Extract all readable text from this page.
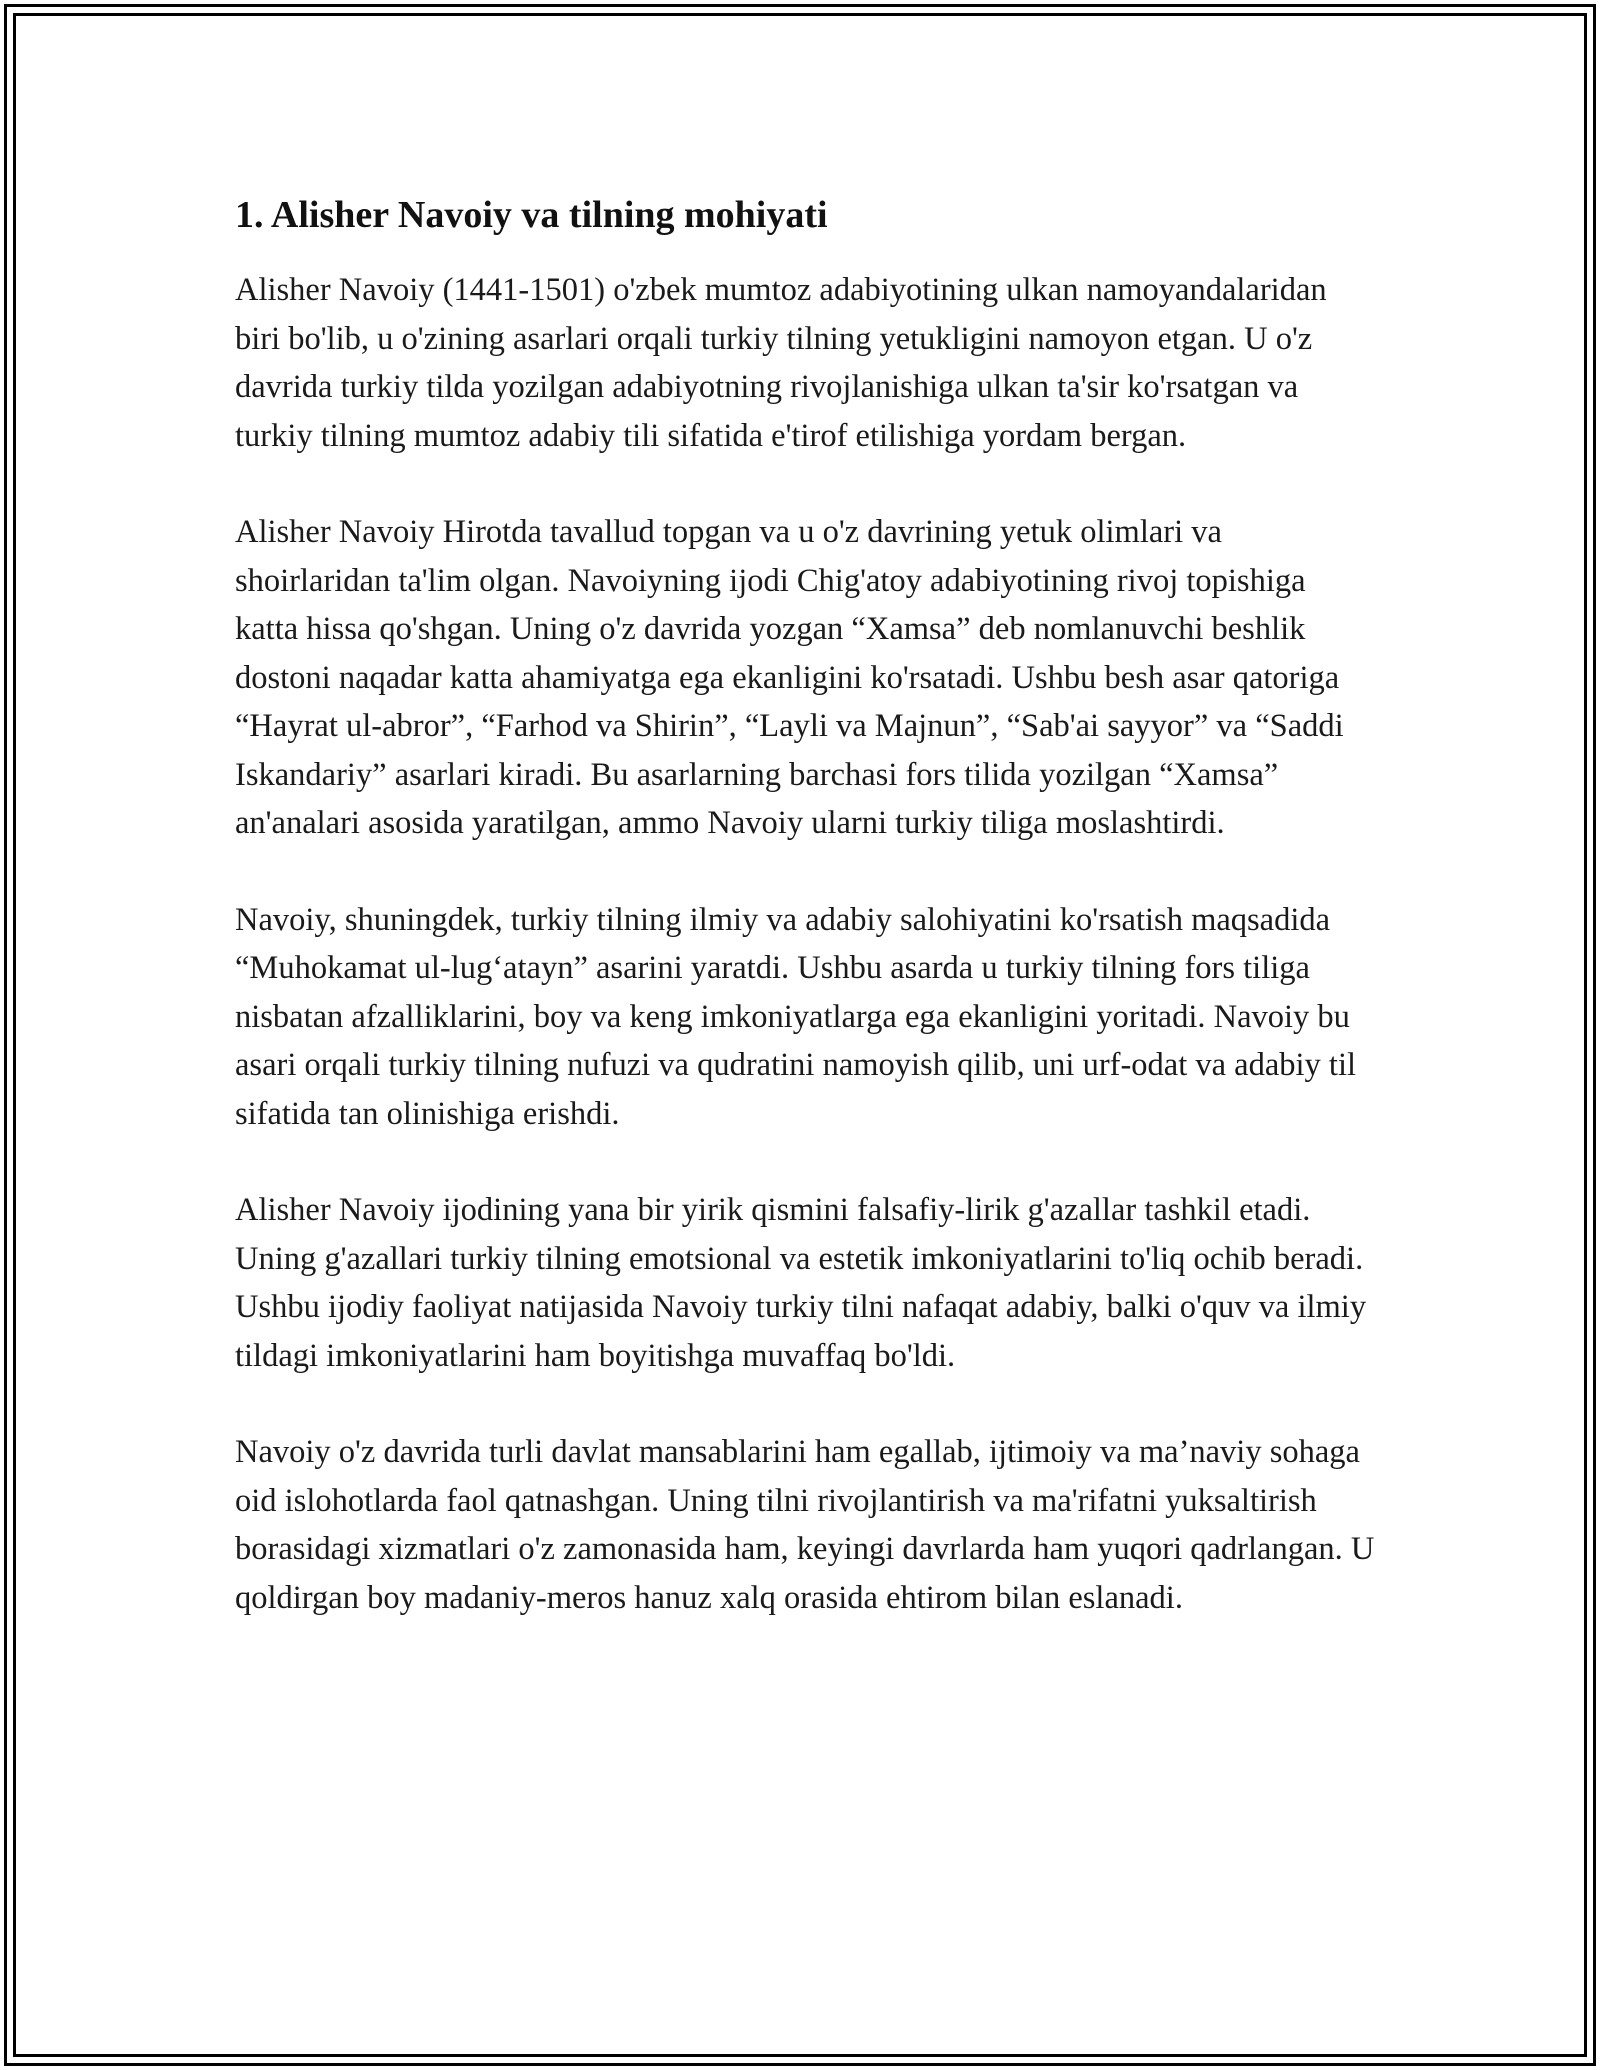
1. Alisher Navoiy va tilning mohiyati

Alisher Navoiy (1441-1501) o'zbek mumtoz adabiyotining ulkan namoyandalaridan biri bo'lib, u o'zining asarlari orqali turkiy tilning yetukligini namoyon etgan. U o'z davrida turkiy tilda yozilgan adabiyotning rivojlanishiga ulkan ta'sir ko'rsatgan va turkiy tilning mumtoz adabiy tili sifatida e'tirof etilishiga yordam bergan.

Alisher Navoiy Hirotda tavallud topgan va u o'z davrining yetuk olimlari va shoirlaridan ta'lim olgan. Navoiyning ijodi Chig'atoy adabiyotining rivoj topishiga katta hissa qo'shgan. Uning o'z davrida yozgan “Xamsa” deb nomlanuvchi beshlik dostoni naqadar katta ahamiyatga ega ekanligini ko'rsatadi. Ushbu besh asar qatoriga “Hayrat ul-abror”, “Farhod va Shirin”, “Layli va Majnun”, “Sab'ai sayyor” va “Saddi Iskandariy” asarlari kiradi. Bu asarlarning barchasi fors tilida yozilgan “Xamsa” an'analari asosida yaratilgan, ammo Navoiy ularni turkiy tiliga moslashtirdi.

Navoiy, shuningdek, turkiy tilning ilmiy va adabiy salohiyatini ko'rsatish maqsadida “Muhokamat ul-lug‘atayn” asarini yaratdi. Ushbu asarda u turkiy tilning fors tiliga nisbatan afzalliklarini, boy va keng imkoniyatlarga ega ekanligini yoritadi. Navoiy bu asari orqali turkiy tilning nufuzi va qudratini namoyish qilib, uni urf-odat va adabiy til sifatida tan olinishiga erishdi.

Alisher Navoiy ijodining yana bir yirik qismini falsafiy-lirik g'azallar tashkil etadi. Uning g'azallari turkiy tilning emotsional va estetik imkoniyatlarini to'liq ochib beradi. Ushbu ijodiy faoliyat natijasida Navoiy turkiy tilni nafaqat adabiy, balki o'quv va ilmiy tildagi imkoniyatlarini ham boyitishga muvaffaq bo'ldi.

Navoiy o'z davrida turli davlat mansablarini ham egallab, ijtimoiy va ma’naviy sohaga oid islohotlarda faol qatnashgan. Uning tilni rivojlantirish va ma'rifatni yuksaltirish borasidagi xizmatlari o'z zamonasida ham, keyingi davrlarda ham yuqori qadrlangan. U qoldirgan boy madaniy-meros hanuz xalq orasida ehtirom bilan eslanadi.
